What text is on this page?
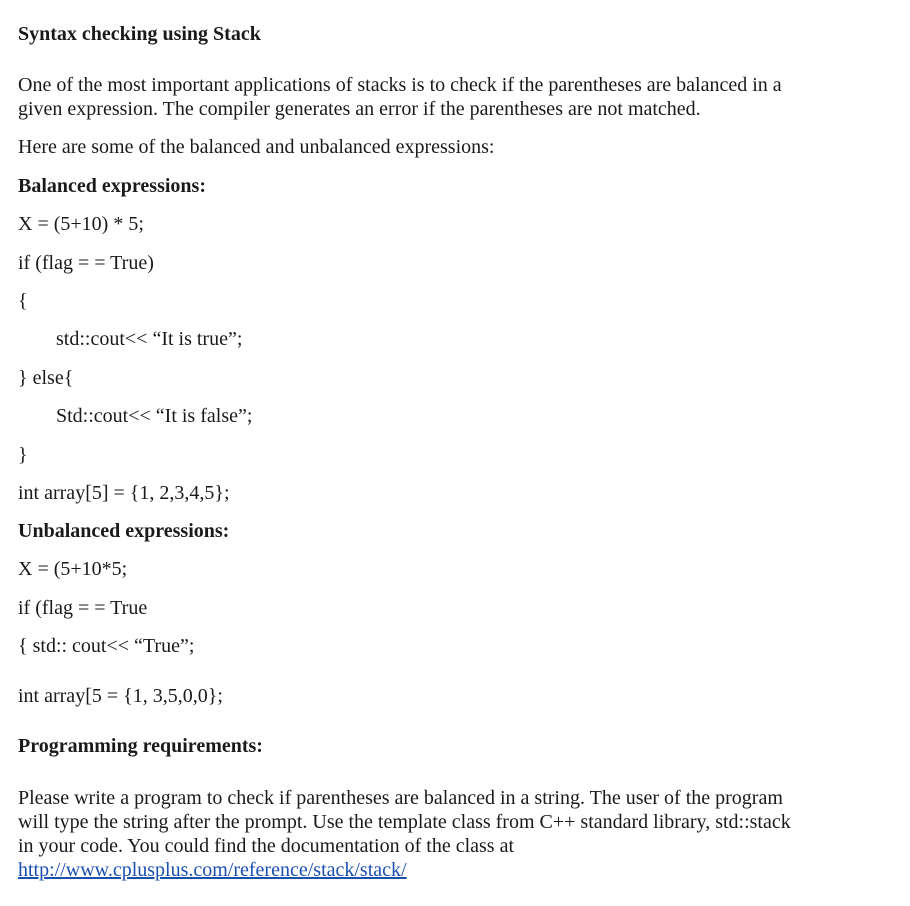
Syntax checking using Stack
One of the most important applications of stacks is to check if the parentheses are balanced in a
given expression. The compiler generates an error if the parentheses are not matched.
Here are some of the balanced and unbalanced expressions:
Balanced expressions:
X = (5+10) * 5;
if (flag = = True)
{
std::cout<< “It is true”;
} else{
Std::cout<< “It is false”;
}
int array[5] = {1, 2,3,4,5};
Unbalanced expressions:
X = (5+10*5;
if (flag = = True
{ std:: cout<< “True”;
int array[5 = {1, 3,5,0,0};
Programming requirements:
Please write a program to check if parentheses are balanced in a string. The user of the program
will type the string after the prompt. Use the template class from C++ standard library, std::stack
in your code. You could find the documentation of the class at
http://www.cplusplus.com/reference/stack/stack/
